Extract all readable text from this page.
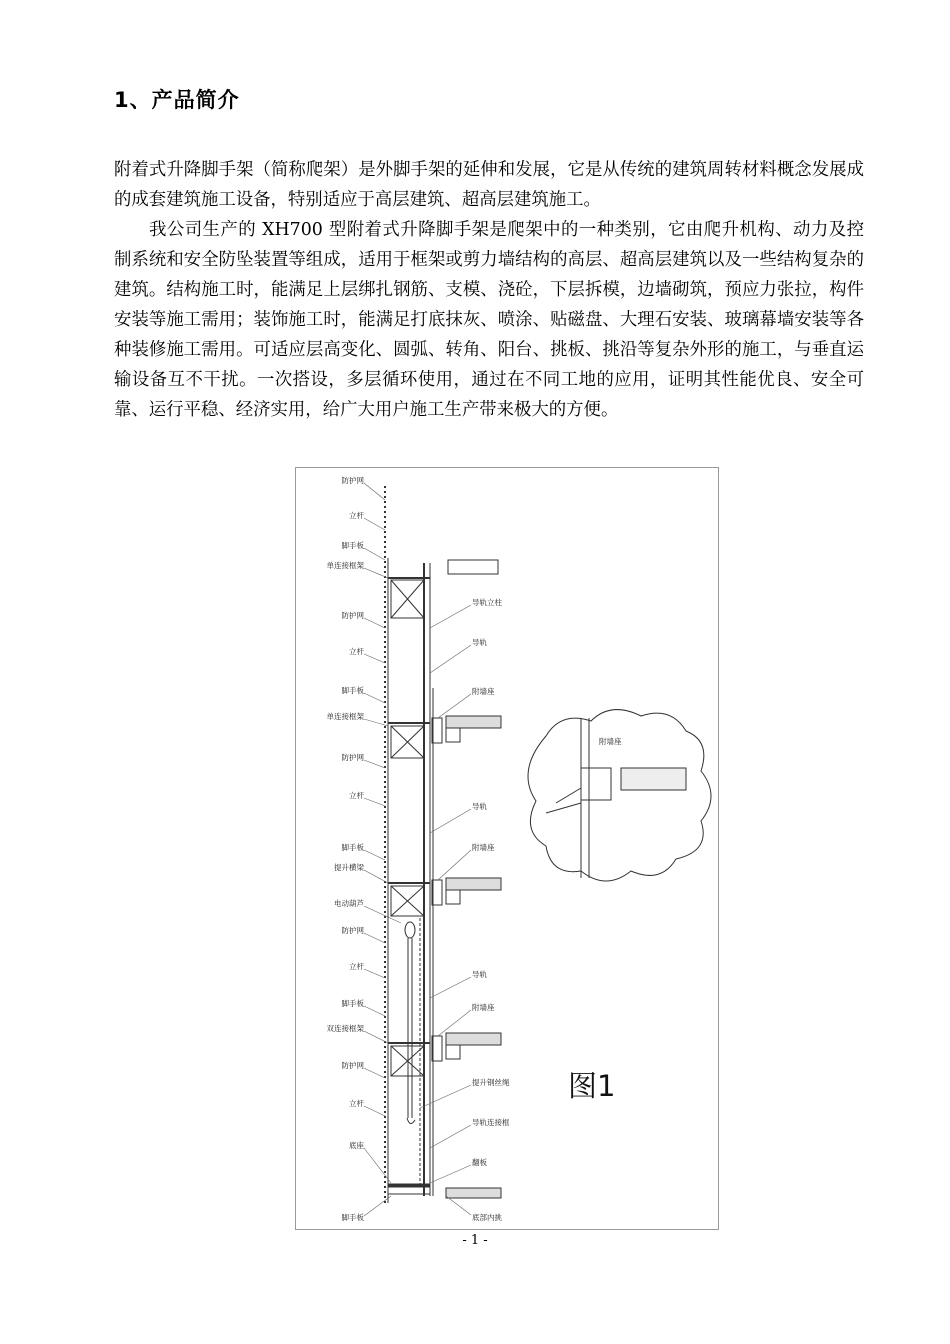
1、产品简介

附着式升降脚手架（简称爬架）是外脚手架的延伸和发展，它是从传统的建筑周转材料概念发展成的成套建筑施工设备，特别适应于高层建筑、超高层建筑施工。

我公司生产的 XH700 型附着式升降脚手架是爬架中的一种类别，它由爬升机构、动力及控制系统和安全防坠装置等组成，适用于框架或剪力墙结构的高层、超高层建筑以及一些结构复杂的建筑。结构施工时，能满足上层绑扎钢筋、支模、浇砼，下层拆模，边墙砌筑，预应力张拉，构件安装等施工需用；装饰施工时，能满足打底抹灰、喷涂、贴磁盘、大理石安装、玻璃幕墙安装等各种装修施工需用。可适应层高变化、圆弧、转角、阳台、挑板、挑沿等复杂外形的施工，与垂直运输设备互不干扰。一次搭设，多层循环使用，通过在不同工地的应用，证明其性能优良、安全可靠、运行平稳、经济实用，给广大用户施工生产带来极大的方便。

防护网
立杆
脚手板
单连接框架
防护网
立杆
脚手板
单连接框架
防护网
立杆
脚手板
提升横梁
电动葫芦
防护网
立杆
脚手板
双连接框架
防护网
立杆
底座
脚手板
导轨立柱
导轨
附墙座
导轨
附墙座
导轨
附墙座
提升钢丝绳
导轨连接框
翻板
底部内挑
附墙座
图1
- 1 -
